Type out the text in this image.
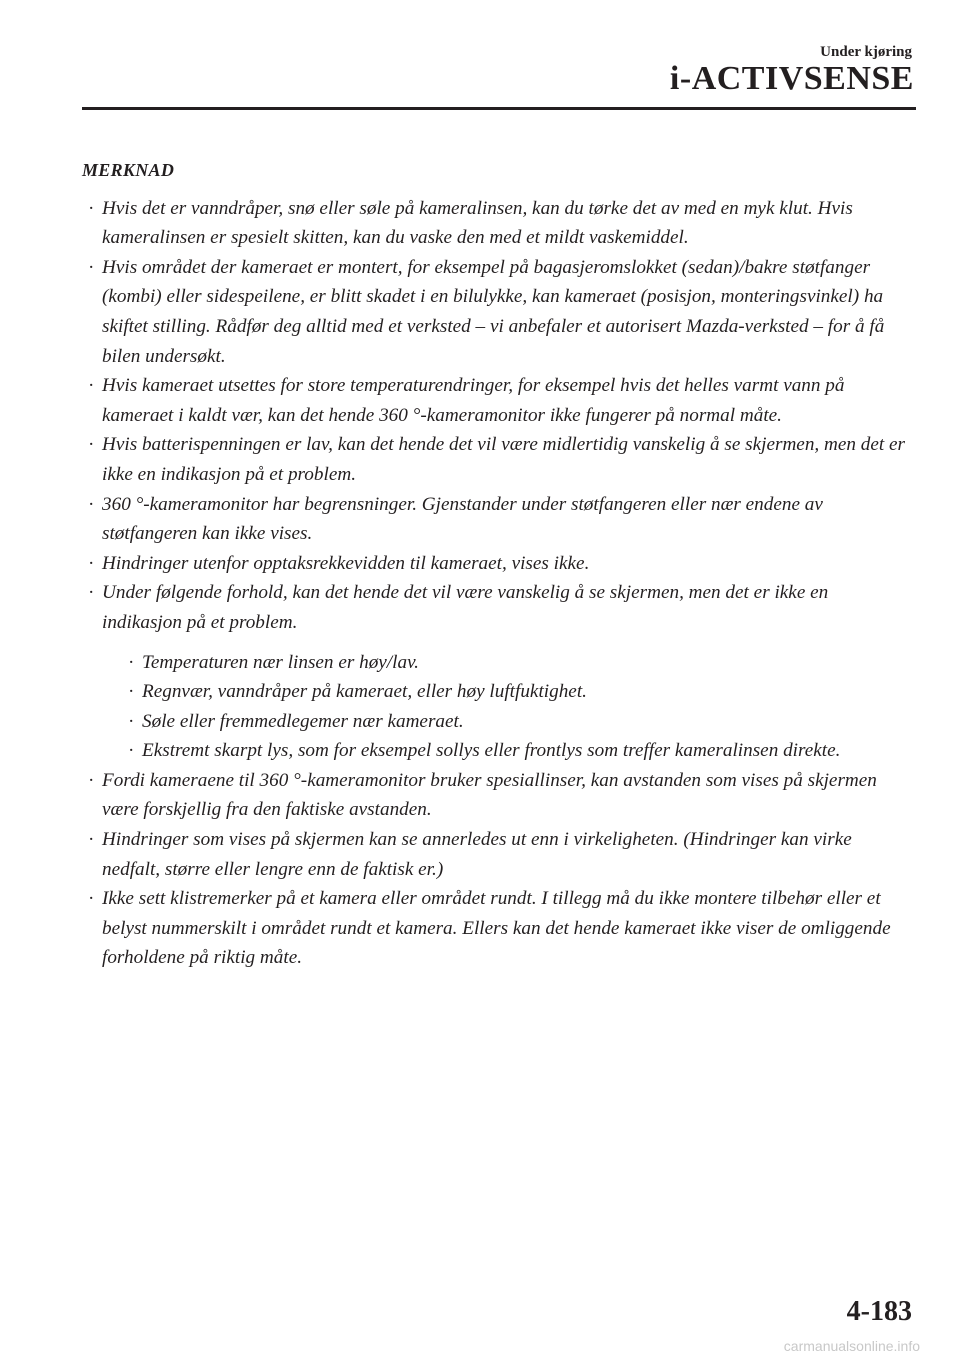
Under kjøring
i-ACTIVSENSE
MERKNAD
· Hvis det er vanndråper, snø eller søle på kameralinsen, kan du tørke det av med en myk klut. Hvis kameralinsen er spesielt skitten, kan du vaske den med et mildt vaskemiddel.
· Hvis området der kameraet er montert, for eksempel på bagasjeromslokket (sedan)/bakre støtfanger (kombi) eller sidespeilene, er blitt skadet i en bilulykke, kan kameraet (posisjon, monteringsvinkel) ha skiftet stilling. Rådfør deg alltid med et verksted – vi anbefaler et autorisert Mazda-verksted – for å få bilen undersøkt.
· Hvis kameraet utsettes for store temperaturendringer, for eksempel hvis det helles varmt vann på kameraet i kaldt vær, kan det hende 360 °-kameramonitor ikke fungerer på normal måte.
· Hvis batterispenningen er lav, kan det hende det vil være midlertidig vanskelig å se skjermen, men det er ikke en indikasjon på et problem.
· 360 °-kameramonitor har begrensninger. Gjenstander under støtfangeren eller nær endene av støtfangeren kan ikke vises.
· Hindringer utenfor opptaksrekkevidden til kameraet, vises ikke.
· Under følgende forhold, kan det hende det vil være vanskelig å se skjermen, men det er ikke en indikasjon på et problem.
· Temperaturen nær linsen er høy/lav.
· Regnvær, vanndråper på kameraet, eller høy luftfuktighet.
· Søle eller fremmedlegemer nær kameraet.
· Ekstremt skarpt lys, som for eksempel sollys eller frontlys som treffer kameralinsen direkte.
· Fordi kameraene til 360 °-kameramonitor bruker spesiallinser, kan avstanden som vises på skjermen være forskjellig fra den faktiske avstanden.
· Hindringer som vises på skjermen kan se annerledes ut enn i virkeligheten. (Hindringer kan virke nedfalt, større eller lengre enn de faktisk er.)
· Ikke sett klistremerker på et kamera eller området rundt. I tillegg må du ikke montere tilbehør eller et belyst nummerskilt i området rundt et kamera. Ellers kan det hende kameraet ikke viser de omliggende forholdene på riktig måte.
4-183
carmanualsonline.info
